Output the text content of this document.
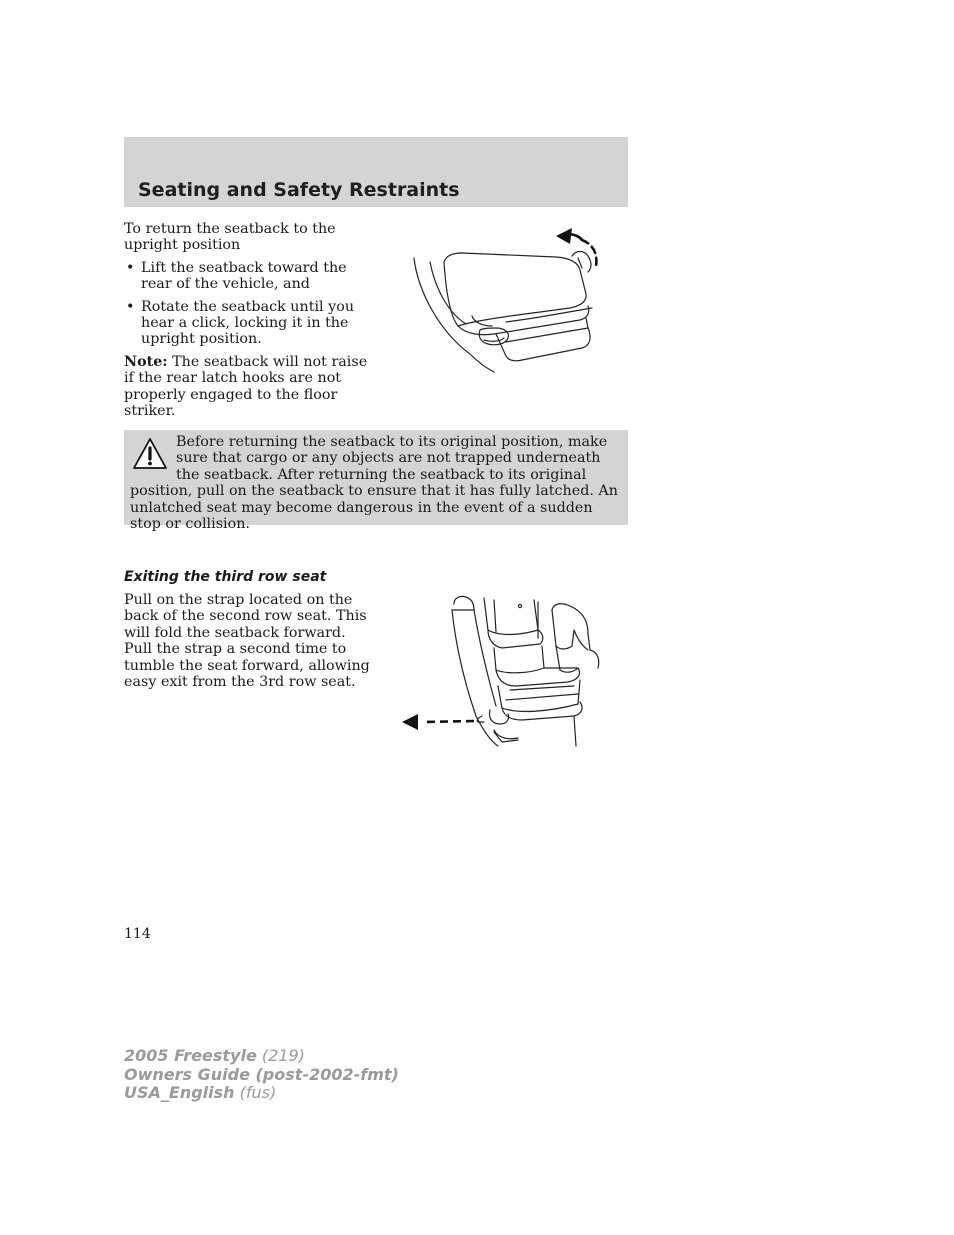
Seating and Safety Restraints

To return the seatback to the upright position

• Lift the seatback toward the rear of the vehicle, and
• Rotate the seatback until you hear a click, locking it in the upright position.

Note: The seatback will not raise if the rear latch hooks are not properly engaged to the floor striker.

Before returning the seatback to its original position, make sure that cargo or any objects are not trapped underneath the seatback. After returning the seatback to its original position, pull on the seatback to ensure that it has fully latched. An unlatched seat may become dangerous in the event of a sudden stop or collision.

Exiting the third row seat

Pull on the strap located on the back of the second row seat. This will fold the seatback forward. Pull the strap a second time to tumble the seat forward, allowing easy exit from the 3rd row seat.

114

2005 Freestyle (219)
Owners Guide (post-2002-fmt)
USA_English (fus)
